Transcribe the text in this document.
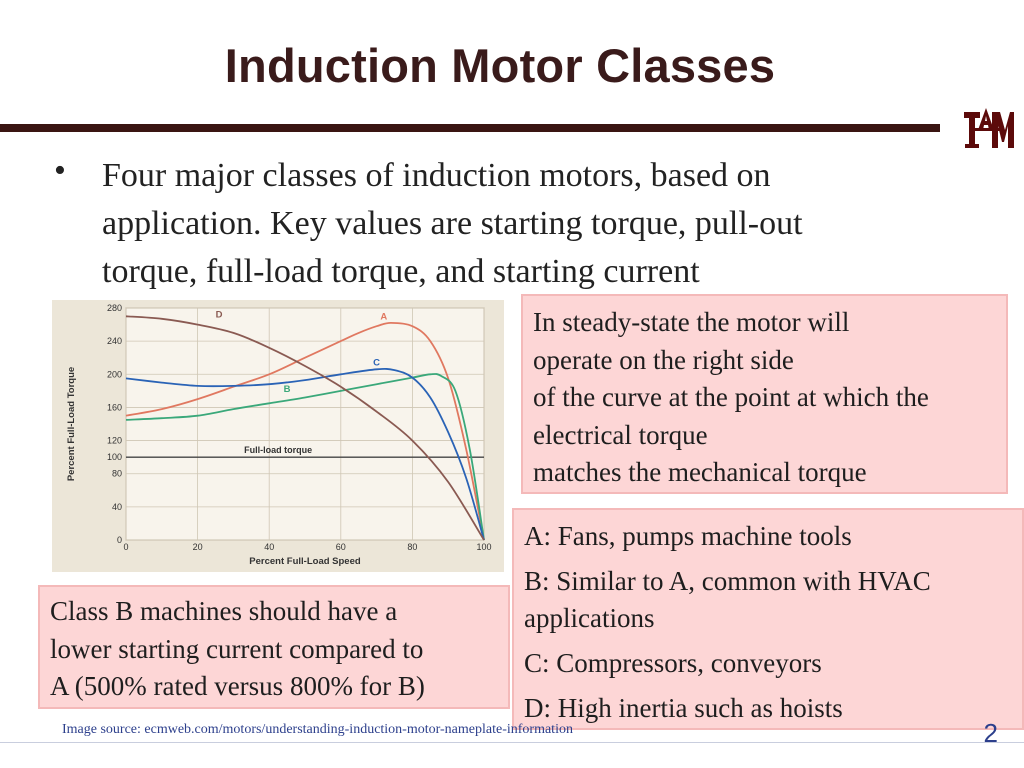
Induction Motor Classes
• Four major classes of induction motors, based on
application. Key values are starting torque, pull-out
torque, full-load torque, and starting current
0	20	40	60	80	100
0
40
80
100
120
160
200
240
280
Percent Full-Load Speed
Percent Full-Load Torque	Full-load torque
A
B
C
D	In steady-state the motor will
operate on the right side
of the curve at the point at which the
electrical torque
matches the mechanical torque
A: Fans, pumps machine tools
B: Similar to A, common with HVAC applications
C: Compressors, conveyors
D: High inertia such as hoists
Class B machines should have a
lower starting current compared to
A (500% rated versus 800% for B)
Image source: ecmweb.com/motors/understanding-induction-motor-nameplate-information	2
